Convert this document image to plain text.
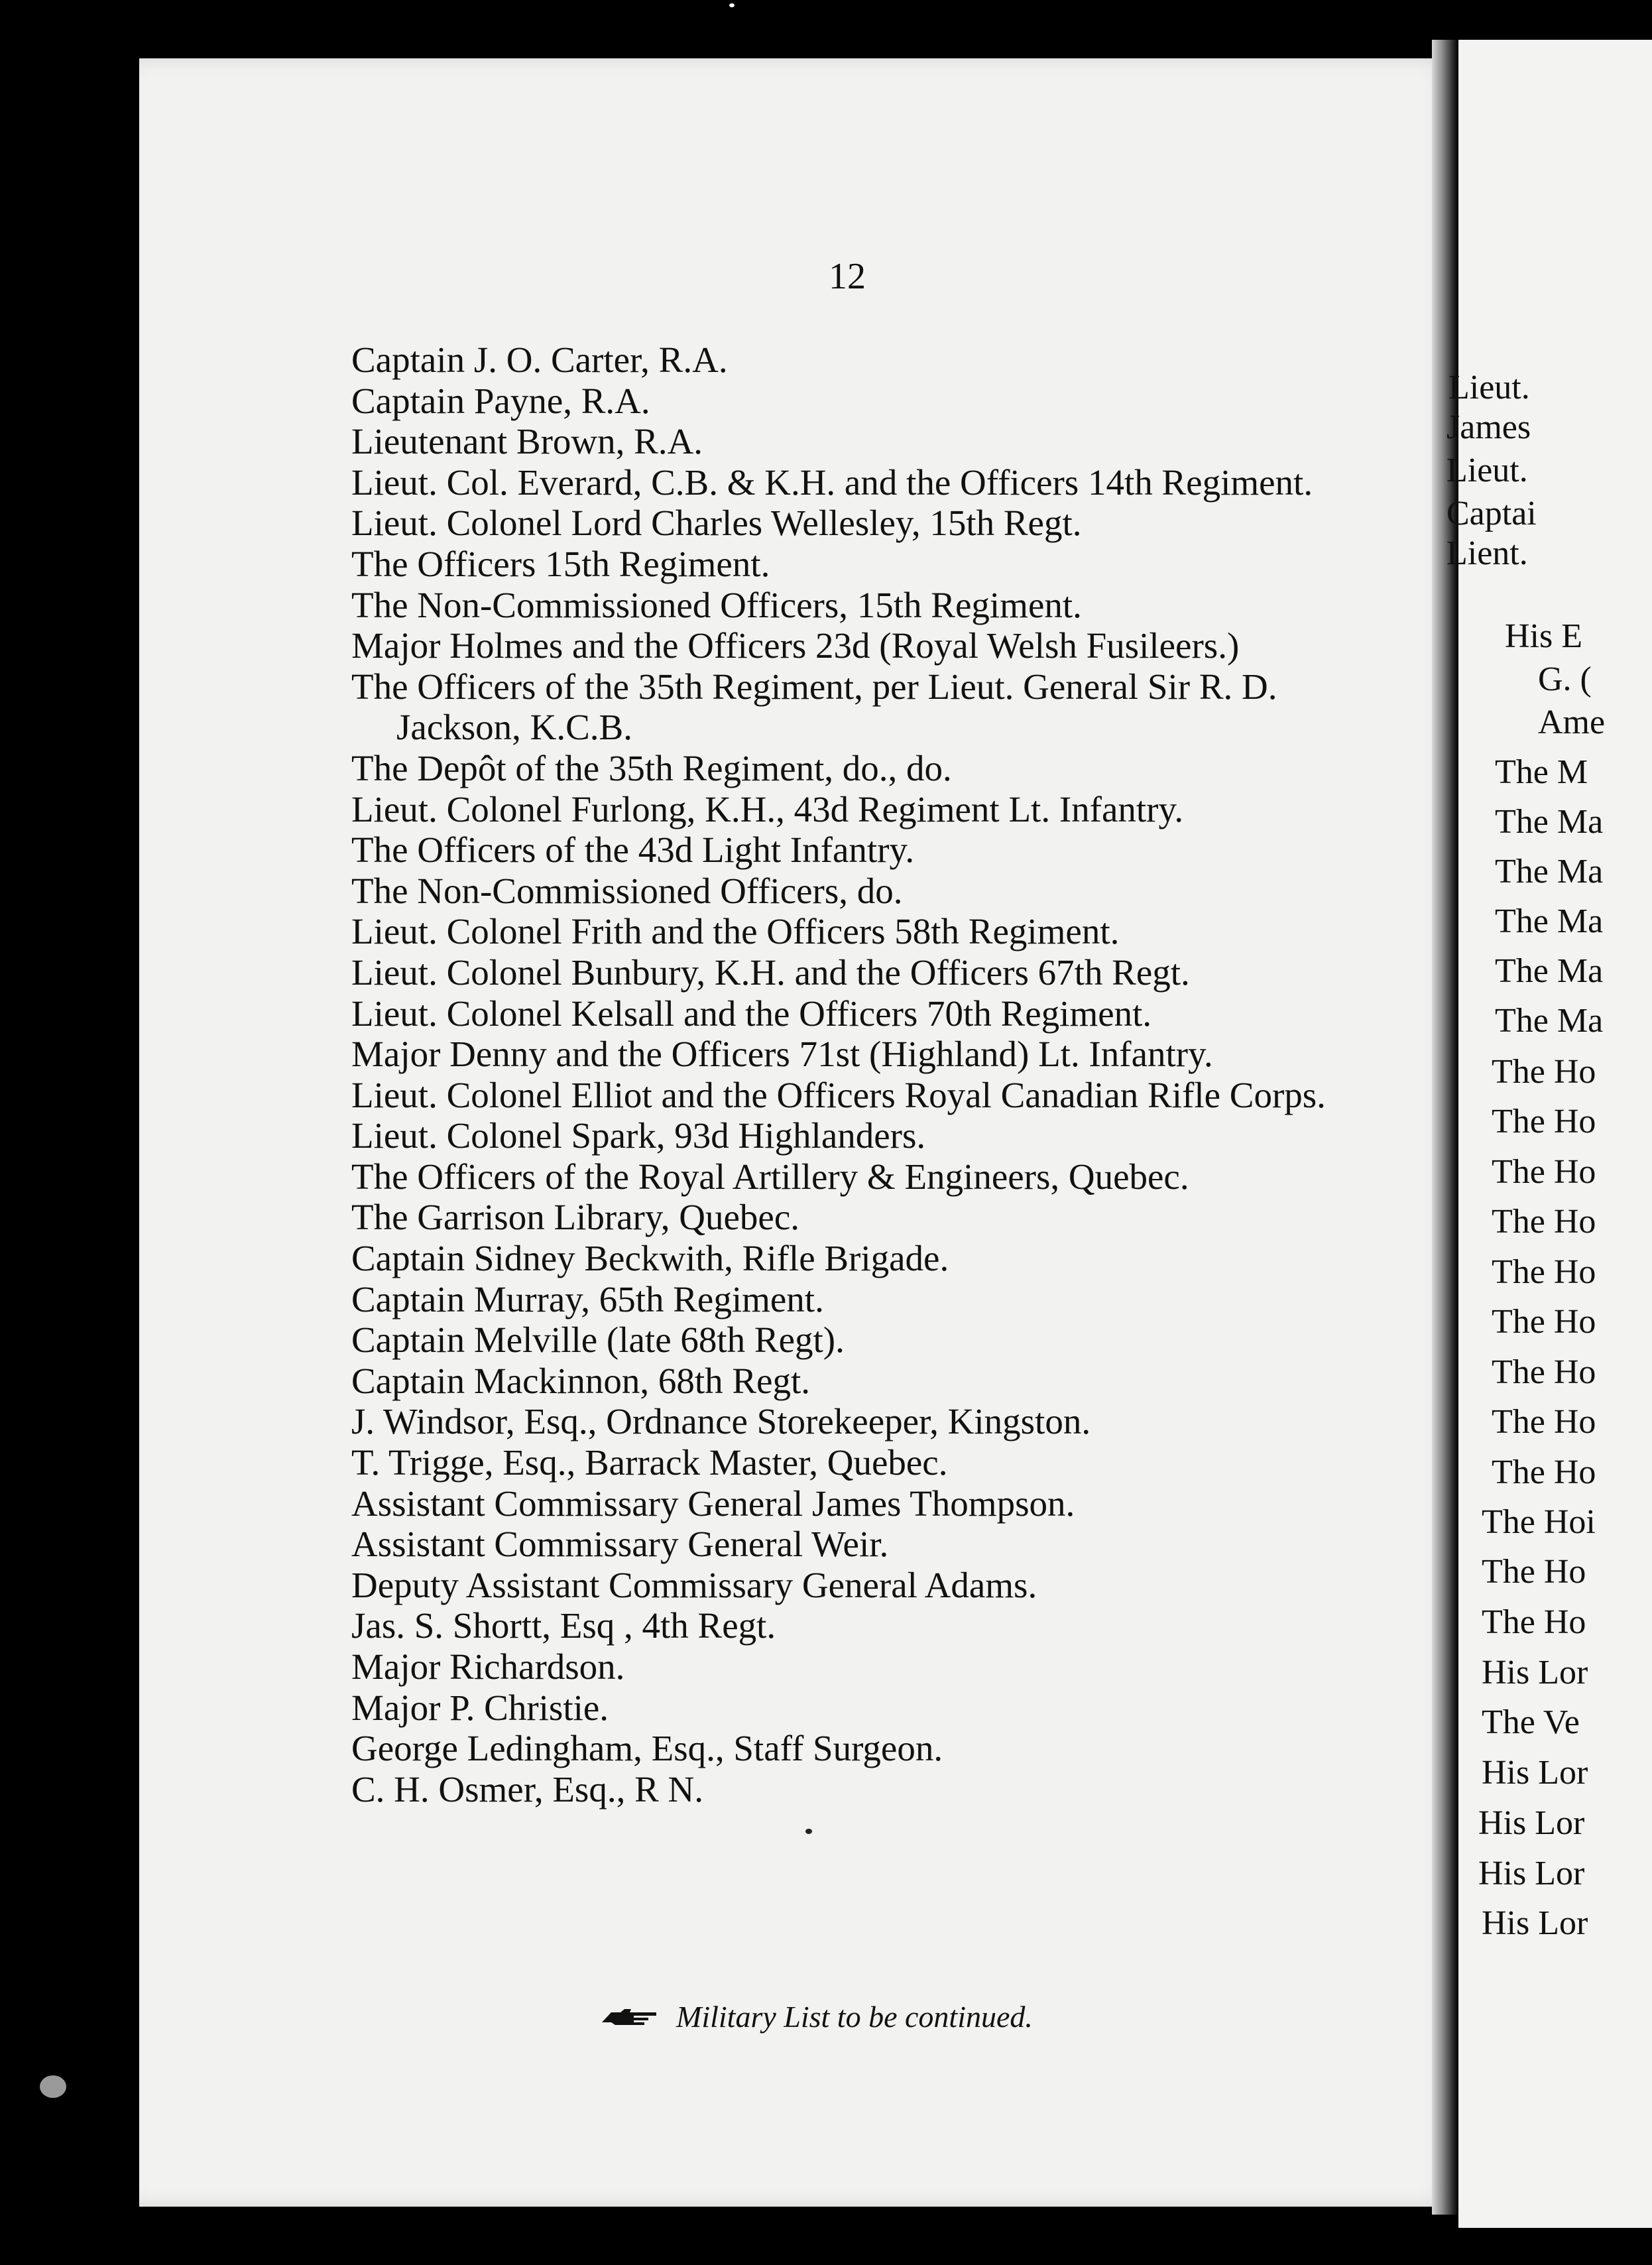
Lieut.
James
Lieut.
Captai
Lient.
His E
G. (
Ame
The M
The Ma
The Ma
The Ma
The Ma
The Ma
The Ho
The Ho
The Ho
The Ho
The Ho
The Ho
The Ho
The Ho
The Ho
The Hoi
The Ho
The Ho
His Lor
The Ve
His Lor
His Lor
His Lor
His Lor
12
Captain J. O. Carter, R.A.
Captain Payne, R.A.
Lieutenant Brown, R.A.
Lieut. Col. Everard, C.B. & K.H. and the Officers 14th Regiment.
Lieut. Colonel Lord Charles Wellesley, 15th Regt.
The Officers 15th Regiment.
The Non-Commissioned Officers, 15th Regiment.
Major Holmes and the Officers 23d (Royal Welsh Fusileers.)
The Officers of the 35th Regiment, per Lieut. General Sir R. D. Jackson, K.C.B.
The Depôt of the 35th Regiment, do., do.
Lieut. Colonel Furlong, K.H., 43d Regiment Lt. Infantry.
The Officers of the 43d Light Infantry.
The Non-Commissioned Officers, do.
Lieut. Colonel Frith and the Officers 58th Regiment.
Lieut. Colonel Bunbury, K.H. and the Officers 67th Regt.
Lieut. Colonel Kelsall and the Officers 70th Regiment.
Major Denny and the Officers 71st (Highland) Lt. Infantry.
Lieut. Colonel Elliot and the Officers Royal Canadian Rifle Corps.
Lieut. Colonel Spark, 93d Highlanders.
The Officers of the Royal Artillery & Engineers, Quebec.
The Garrison Library, Quebec.
Captain Sidney Beckwith, Rifle Brigade.
Captain Murray, 65th Regiment.
Captain Melville (late 68th Regt).
Captain Mackinnon, 68th Regt.
J. Windsor, Esq., Ordnance Storekeeper, Kingston.
T. Trigge, Esq., Barrack Master, Quebec.
Assistant Commissary General James Thompson.
Assistant Commissary General Weir.
Deputy Assistant Commissary General Adams.
Jas. S. Shortt, Esq , 4th Regt.
Major Richardson.
Major P. Christie.
George Ledingham, Esq., Staff Surgeon.
C. H. Osmer, Esq., R N.
Military List to be continued.
